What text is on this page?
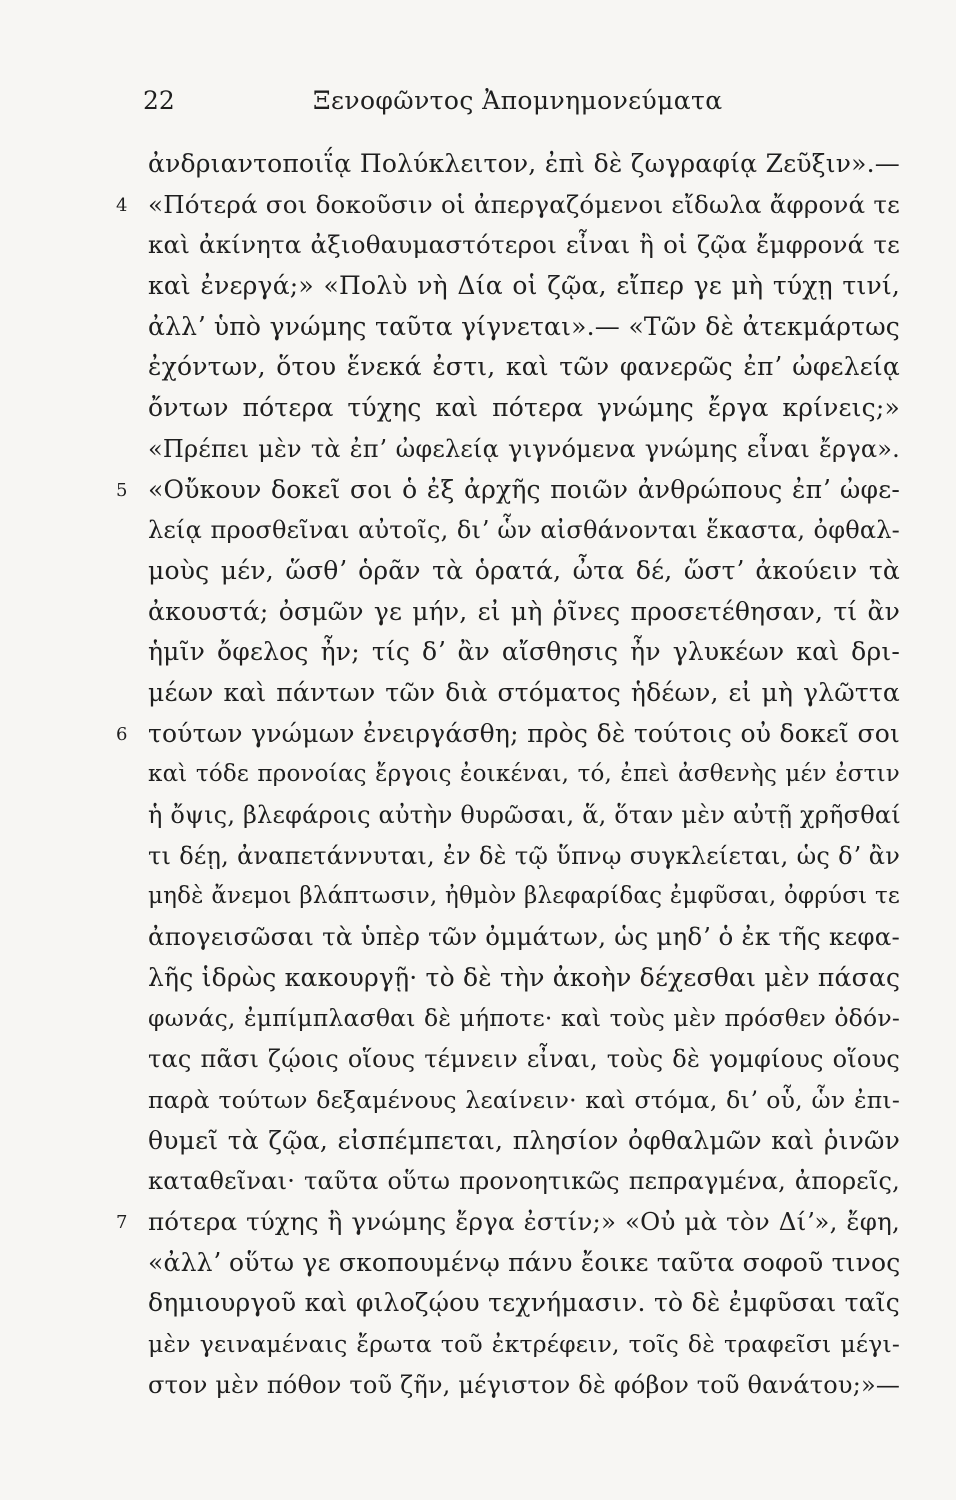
22	Ξενοφῶντος Ἀπομνημονεύματα
ἀνδριαντοποιΐᾳ Πολύκλειτον, ἐπὶ δὲ ζωγραφίᾳ Ζεῦξιν».—
4 «Πότερά σοι δοκοῦσιν οἱ ἀπεργαζόμενοι εἴδωλα ἄφρονά τε
καὶ ἀκίνητα ἀξιοθαυμαστότεροι εἶναι ἢ οἱ ζῷα ἔμφρονά τε
καὶ ἐνεργά;» «Πολὺ νὴ Δία οἱ ζῷα, εἴπερ γε μὴ τύχῃ τινί,
ἀλλʼ ὑπὸ γνώμης ταῦτα γίγνεται».— «Τῶν δὲ ἀτεκμάρτως
ἐχόντων, ὅτου ἕνεκά ἐστι, καὶ τῶν φανερῶς ἐπʼ ὠφελείᾳ
ὄντων πότερα τύχης καὶ πότερα γνώμης ἔργα κρίνεις;»
«Πρέπει μὲν τὰ ἐπʼ ὠφελείᾳ γιγνόμενα γνώμης εἶναι ἔργα».
5 «Οὔκουν δοκεῖ σοι ὁ ἐξ ἀρχῆς ποιῶν ἀνθρώπους ἐπʼ ὠφε-
λείᾳ προσθεῖναι αὐτοῖς, διʼ ὧν αἰσθάνονται ἕκαστα, ὀφθαλ-
μοὺς μέν, ὥσθʼ ὁρᾶν τὰ ὁρατά, ὦτα δέ, ὥστʼ ἀκούειν τὰ
ἀκουστά; ὀσμῶν γε μήν, εἰ μὴ ῥῖνες προσετέθησαν, τί ἂν
ἡμῖν ὄφελος ἦν; τίς δʼ ἂν αἴσθησις ἦν γλυκέων καὶ δρι-
μέων καὶ πάντων τῶν διὰ στόματος ἡδέων, εἰ μὴ γλῶττα
6 τούτων γνώμων ἐνειργάσθη; πρὸς δὲ τούτοις οὐ δοκεῖ σοι
καὶ τόδε προνοίας ἔργοις ἐοικέναι, τό, ἐπεὶ ἀσθενὴς μέν ἐστιν
ἡ ὄψις, βλεφάροις αὐτὴν θυρῶσαι, ἅ, ὅταν μὲν αὐτῇ χρῆσθαί
τι δέῃ, ἀναπετάννυται, ἐν δὲ τῷ ὕπνῳ συγκλείεται, ὡς δʼ ἂν
μηδὲ ἄνεμοι βλάπτωσιν, ἠθμὸν βλεφαρίδας ἐμφῦσαι, ὀφρύσι τε
ἀπογεισῶσαι τὰ ὑπὲρ τῶν ὀμμάτων, ὡς μηδʼ ὁ ἐκ τῆς κεφα-
λῆς ἱδρὼς κακουργῇ· τὸ δὲ τὴν ἀκοὴν δέχεσθαι μὲν πάσας
φωνάς, ἐμπίμπλασθαι δὲ μήποτε· καὶ τοὺς μὲν πρόσθεν ὀδόν-
τας πᾶσι ζῴοις οἵους τέμνειν εἶναι, τοὺς δὲ γομφίους οἵους
παρὰ τούτων δεξαμένους λεαίνειν· καὶ στόμα, διʼ οὗ, ὧν ἐπι-
θυμεῖ τὰ ζῷα, εἰσπέμπεται, πλησίον ὀφθαλμῶν καὶ ῥινῶν
καταθεῖναι· ταῦτα οὕτω προνοητικῶς πεπραγμένα, ἀπορεῖς,
7 πότερα τύχης ἢ γνώμης ἔργα ἐστίν;» «Οὐ μὰ τὸν Δίʼ», ἔφη,
«ἀλλʼ οὕτω γε σκοπουμένῳ πάνυ ἔοικε ταῦτα σοφοῦ τινος
δημιουργοῦ καὶ φιλοζῴου τεχνήμασιν. τὸ δὲ ἐμφῦσαι ταῖς
μὲν γειναμέναις ἔρωτα τοῦ ἐκτρέφειν, τοῖς δὲ τραφεῖσι μέγι-
στον μὲν πόθον τοῦ ζῆν, μέγιστον δὲ φόβον τοῦ θανάτου;»—
